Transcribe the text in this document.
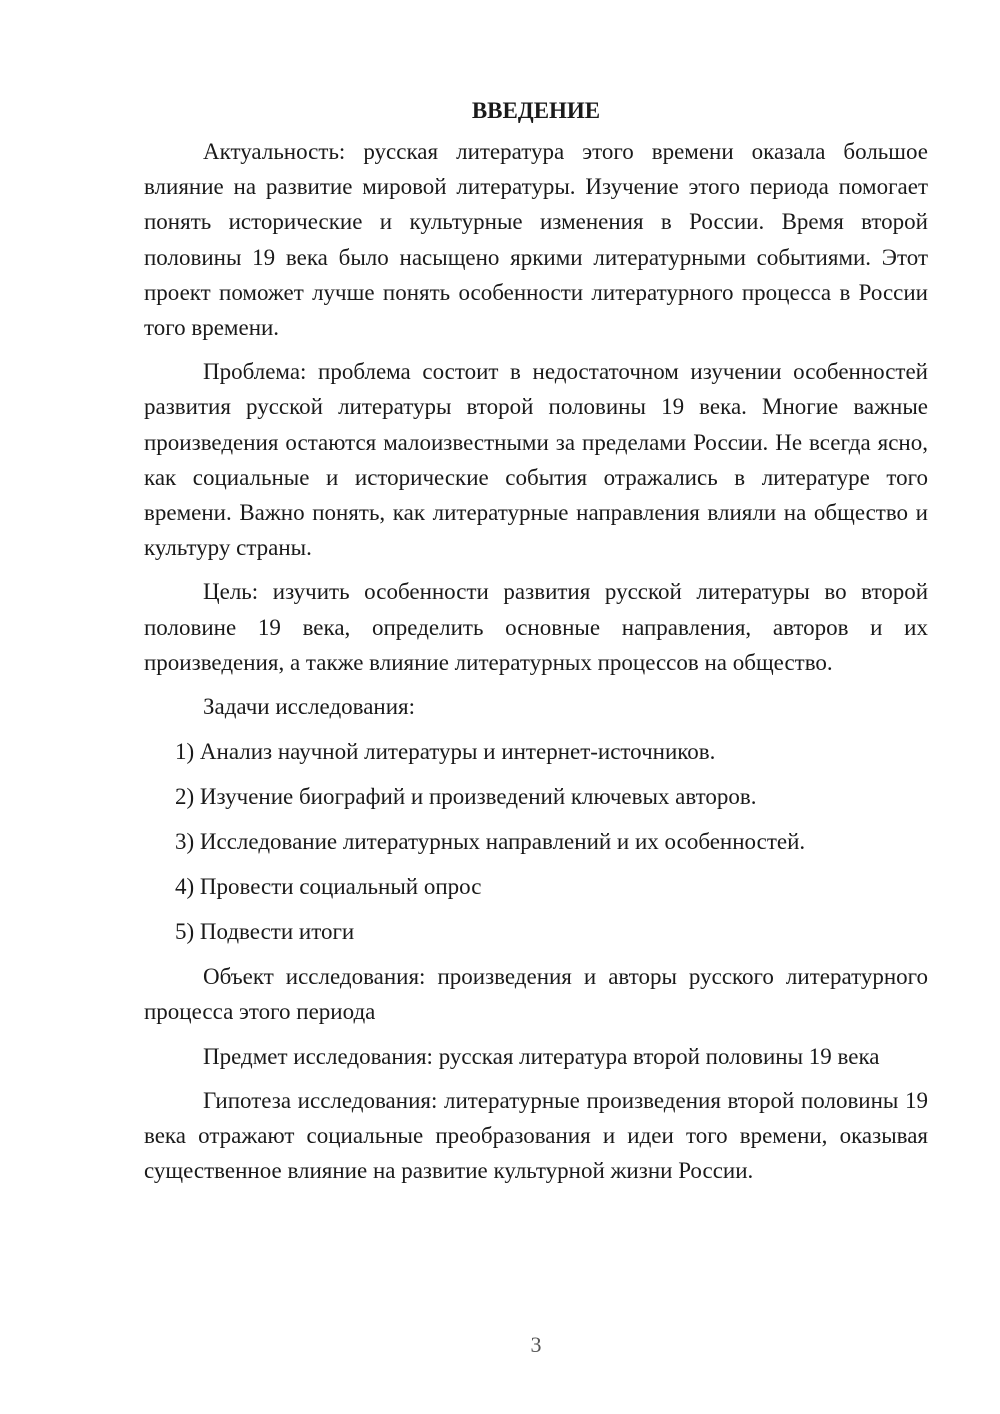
ВВЕДЕНИЕ

Актуальность: русская литература этого времени оказала большое влияние на развитие мировой литературы. Изучение этого периода помогает понять исторические и культурные изменения в России. Время второй половины 19 века было насыщено яркими литературными событиями. Этот проект поможет лучше понять особенности литературного процесса в России того времени.

Проблема: проблема состоит в недостаточном изучении особенностей развития русской литературы второй половины 19 века. Многие важные произведения остаются малоизвестными за пределами России. Не всегда ясно, как социальные и исторические события отражались в литературе того времени. Важно понять, как литературные направления влияли на общество и культуру страны.

Цель: изучить особенности развития русской литературы во второй половине 19 века, определить основные направления, авторов и их произведения, а также влияние литературных процессов на общество.

Задачи исследования:

1) Анализ научной литературы и интернет-источников.
2) Изучение биографий и произведений ключевых авторов.
3) Исследование литературных направлений и их особенностей.
4) Провести социальный опрос
5) Подвести итоги

Объект исследования: произведения и авторы русского литературного процесса этого периода

Предмет исследования: русская литература второй половины 19 века

Гипотеза исследования: литературные произведения второй половины 19 века отражают социальные преобразования и идеи того времени, оказывая существенное влияние на развитие культурной жизни России.

3
